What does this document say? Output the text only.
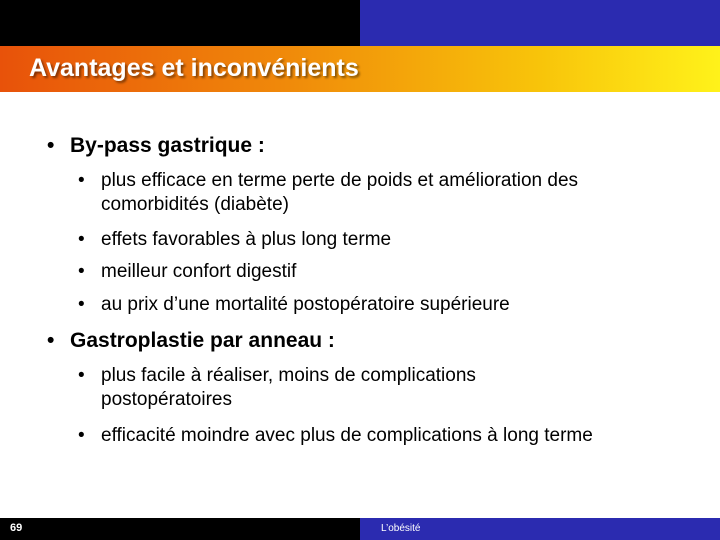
Avantages et inconvénients
• By-pass gastrique :
• plus efficace en terme perte de poids et amélioration des comorbidités (diabète)
• effets favorables à plus long terme
• meilleur confort digestif
• au prix d’une mortalité postopératoire supérieure
• Gastroplastie par anneau :
• plus facile à réaliser, moins de complications postopératoires
• efficacité moindre avec plus de complications à long terme
69	L’obésité
